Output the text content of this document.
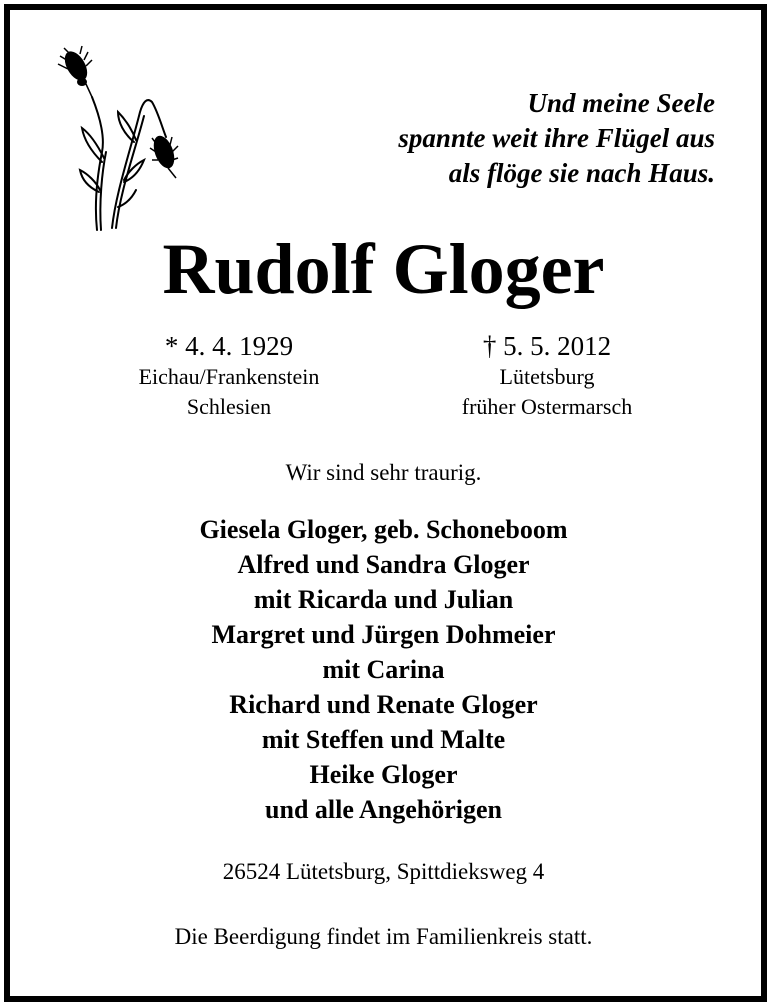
Und meine Seele
spannte weit ihre Flügel aus
als flöge sie nach Haus.
Rudolf Gloger
* 4. 4. 1929
Eichau/Frankenstein
Schlesien
† 5. 5. 2012
Lütetsburg
früher Ostermarsch
Wir sind sehr traurig.
Giesela Gloger, geb. Schoneboom
Alfred und Sandra Gloger
mit Ricarda und Julian
Margret und Jürgen Dohmeier
mit Carina
Richard und Renate Gloger
mit Steffen und Malte
Heike Gloger
und alle Angehörigen
26524 Lütetsburg, Spittdieksweg 4
Die Beerdigung findet im Familienkreis statt.
